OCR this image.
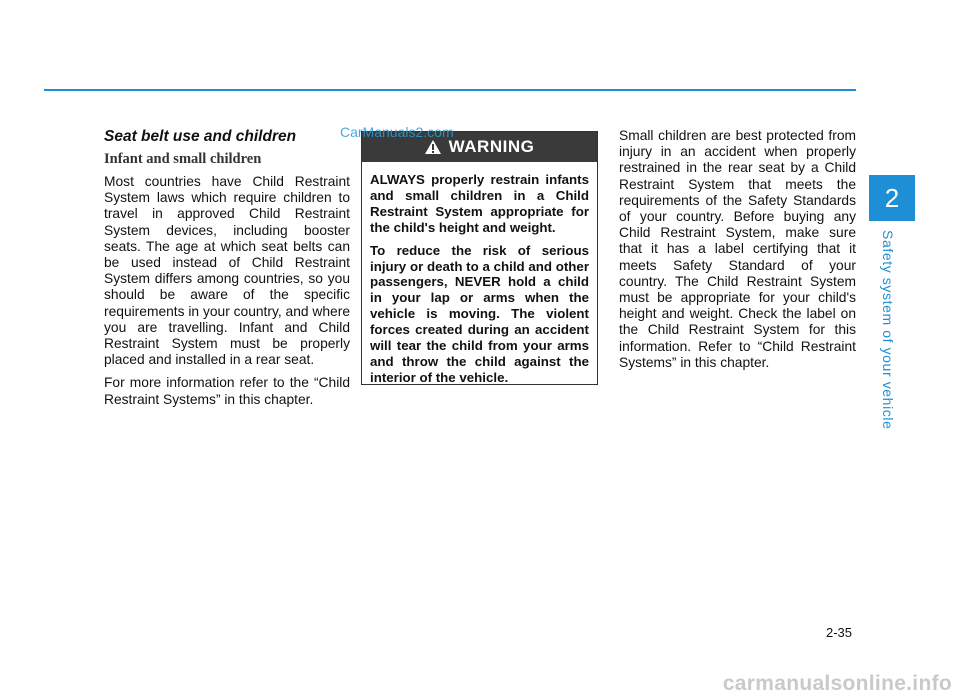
2
Safety system of your vehicle
Seat belt use and children
Infant and small children

Most countries have Child Restraint System laws which require children to travel in approved Child Restraint System devices, including booster seats. The age at which seat belts can be used instead of Child Restraint System differs among countries, so you should be aware of the specific requirements in your country, and where you are travelling. Infant and Child Restraint System must be properly placed and installed in a rear seat.

For more information refer to the “Child Restraint Systems” in this chapter.

WARNING

ALWAYS properly restrain infants and small children in a Child Restraint System appropriate for the child's height and weight.

To reduce the risk of serious injury or death to a child and other passengers, NEVER hold a child in your lap or arms when the vehicle is moving. The violent forces created during an accident will tear the child from your arms and throw the child against the interior of the vehicle.

CarManuals2.com	Small children are best protected from injury in an accident when properly restrained in the rear seat by a Child Restraint System that meets the requirements of the Safety Standards of your country. Before buying any Child Restraint System, make sure that it has a label certifying that it meets Safety Standard of your country. The Child Restraint System must be appropriate for your child's height and weight. Check the label on the Child Restraint System for this information. Refer to “Child Restraint Systems” in this chapter.

2-35
carmanualsonline.info
